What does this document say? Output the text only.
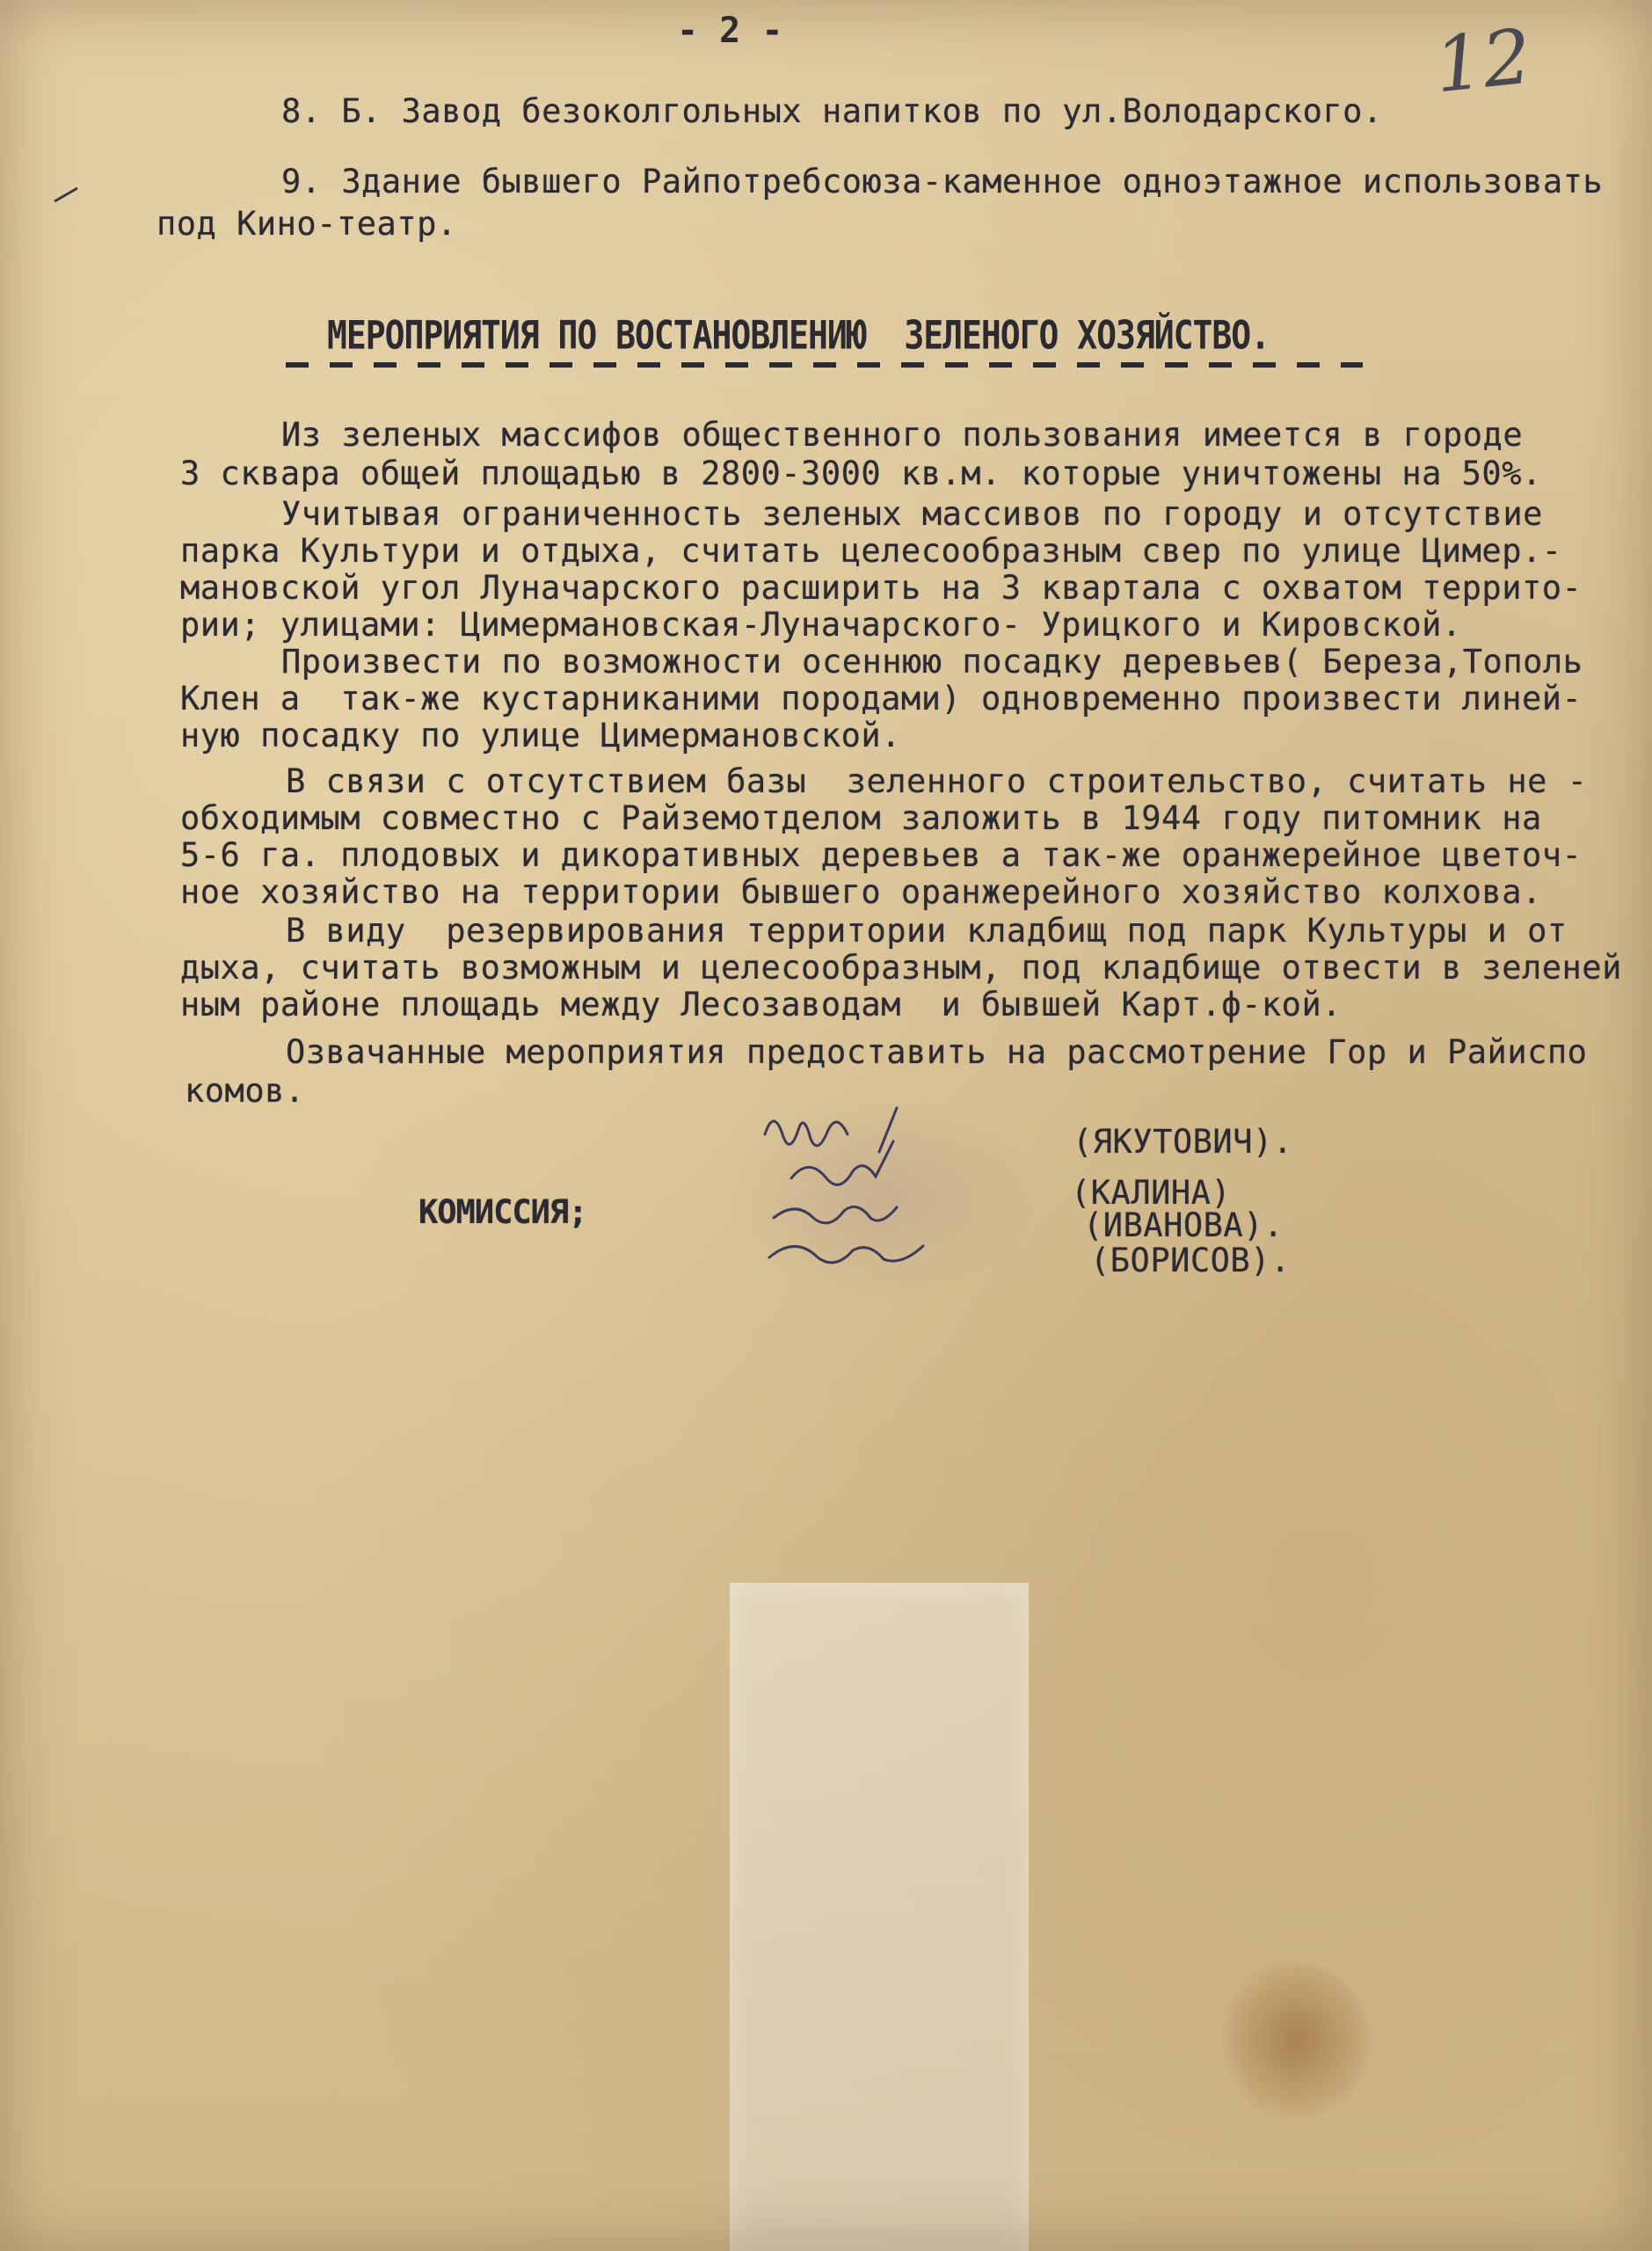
- 2 -	12
8. Б. Завод безоколгольных напитков по ул.Володарского.
9. Здание бывшего Райпотребсоюза-каменное одноэтажное использовать
под Кино-театр.
МЕРОПРИЯТИЯ ПО ВОСТАНОВЛЕНИЮ  ЗЕЛЕНОГО ХОЗЯЙСТВО.
Из зеленых массифов общественного пользования имеется в городе
3 сквара общей площадью в 2800-3000 кв.м. которые уничтожены на 50%.
Учитывая ограниченность зеленых массивов по городу и отсутствие
парка Культури и отдыха, считать целесообразным свер по улице Цимер.-
мановской угол Луначарского расширить на 3 квартала с охватом террито-
рии; улицами: Цимермановская-Луначарского- Урицкого и Кировской.
Произвести по возможности осеннюю посадку деревьев( Береза,Тополь
Клен а  так-же кустарниканими породами) одновременно произвести линей-
ную посадку по улице Цимермановской.
В связи с отсутствием базы  зеленного строительство, считать не -
обходимым совместно с Райземотделом заложить в 1944 году питомник на
5-6 га. плодовых и дикоративных деревьев а так-же оранжерейное цветоч-
ное хозяйство на территории бывшего оранжерейного хозяйство колхова.
В виду  резервирования территории кладбищ под парк Культуры и от
дыха, считать возможным и целесообразным, под кладбище отвести в зеленей
ным районе площадь между Лесозаводам  и бывшей Карт.ф-кой.
Озвачанные мероприятия предоставить на рассмотрение Гор и Райиспо
комов.
КОМИССИЯ;
(ЯКУТОВИЧ).
(КАЛИНА)
(ИВАНОВА).
(БОРИСОВ).
